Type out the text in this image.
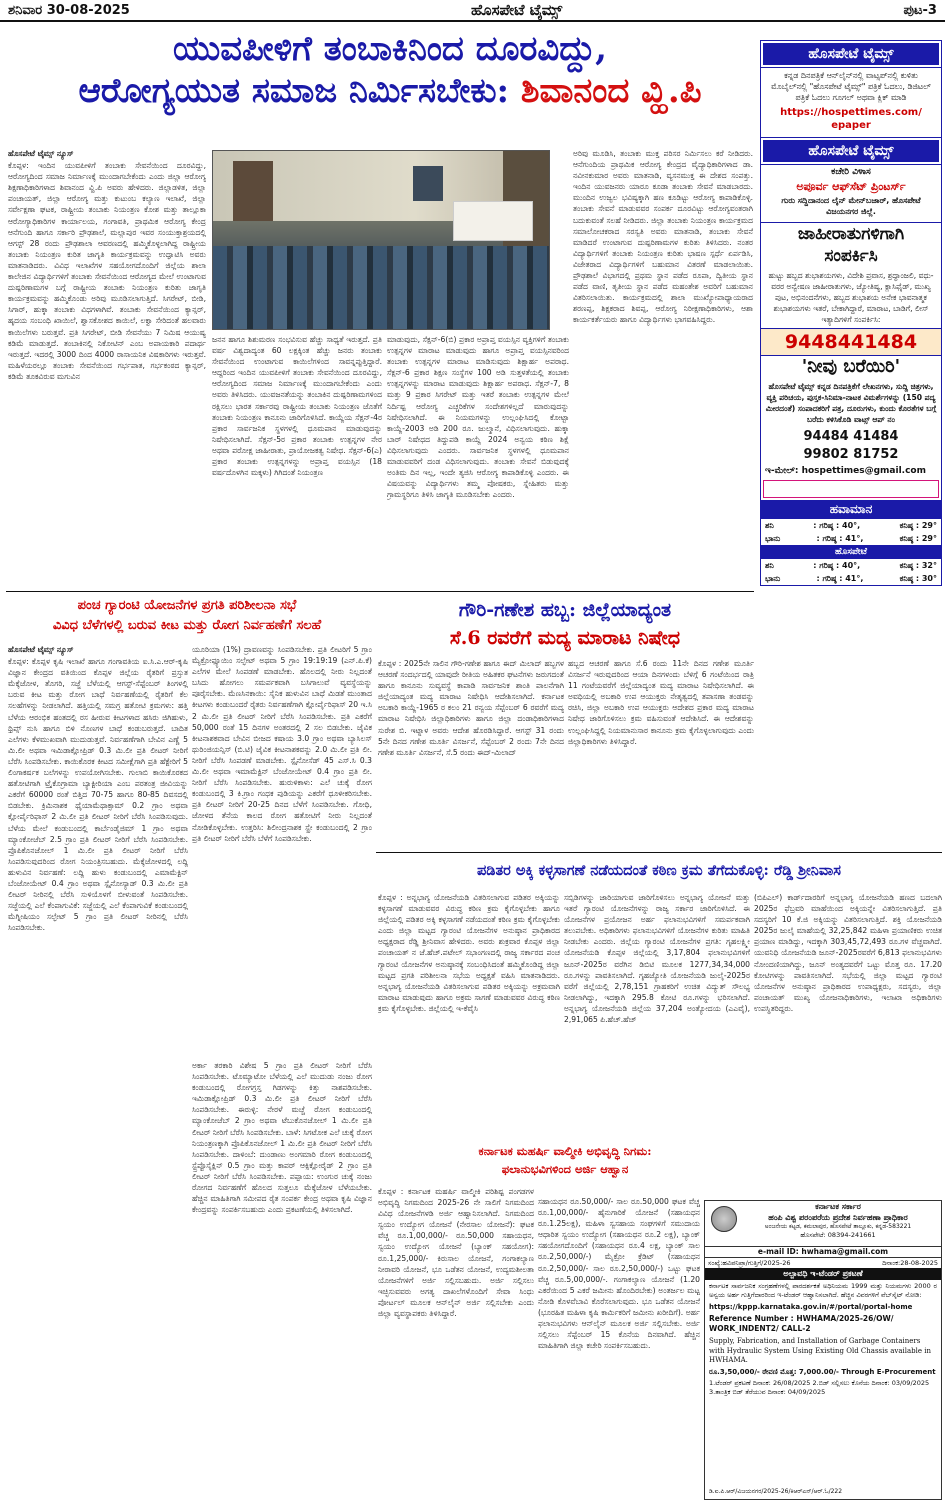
ಶನಿವಾರ 30-08-2025	ಹೊಸಪೇಟೆ ಟೈಮ್ಸ್	ಪುಟ-3
ಯುವಪೀಳಿಗೆ ತಂಬಾಕಿನಿಂದ ದೂರವಿದ್ದು,
ಆರೋಗ್ಯಯುತ ಸಮಾಜ ನಿರ್ಮಿಸಬೇಕು: ಶಿವಾನಂದ ವ್ಹಿ.ಪಿ

ಹೊಸಪೇಟೆ ಟೈಮ್ಸ್ ನ್ಯೂಸ್

ಕೊಪ್ಪಳ: ಇಂದಿನ ಯುವಪೀಳಿಗೆ ತಂಬಾಕು ಸೇವನೆಯಿಂದ ದೂರವಿದ್ದು, ಆರೋಗ್ಯದಿಂದ ಸಮಾಜ ನಿರ್ಮಾಣಕ್ಕೆ ಮುಂದಾಗಬೇಕೆಂದು ಎಂದು ಜಿಲ್ಲಾ ಆರೋಗ್ಯ ಶಿಕ್ಷಣಾಧಿಕಾರಿಗಳಾದ ಶಿವಾನಂದ ವ್ಹಿ.ಪಿ ಅವರು ಹೇಳಿದರು. ಜಿಲ್ಲಾಡಳಿತ, ಜಿಲ್ಲಾ ಪಂಚಾಯತ್, ಜಿಲ್ಲಾ ಆರೋಗ್ಯ ಮತ್ತು ಕುಟುಂಬ ಕಲ್ಯಾಣ ಇಲಾಖೆ, ಜಿಲ್ಲಾ ಸರ್ವೇಕ್ಷಣಾ ಘಟಕ, ರಾಷ್ಟ್ರೀಯ ತಂಬಾಕು ನಿಯಂತ್ರಣ ಕೋಶ ಮತ್ತು ತಾಲ್ಲೂಕಾ ಆರೋಗ್ಯಾಧಿಕಾರಿಗಳ ಕಾರ್ಯಾಲಯ, ಗಂಗಾವತಿ, ಪ್ರಾಥಮಿಕ ಆರೋಗ್ಯ ಕೇಂದ್ರ ಆನೆಗುಂದಿ ಹಾಗೂ ಸರ್ಕಾರಿ ಪ್ರೌಢಶಾಲೆ, ಮಲ್ಲಾಪುರ ಇವರ ಸಂಯುಕ್ತಾಶ್ರಯದಲ್ಲಿ ಆಗಸ್ಟ್ 28 ರಂದು ಪ್ರೌಢಶಾಲಾ ಆವರಣದಲ್ಲಿ ಹಮ್ಮಿಕೊಳ್ಳಲಾಗಿದ್ದ ರಾಷ್ಟ್ರೀಯ ತಂಬಾಕು ನಿಯಂತ್ರಣ ಕುರಿತ ಜಾಗೃತಿ ಕಾರ್ಯಕ್ರಮವನ್ನು ಉದ್ಘಾಟಿಸಿ ಅವರು ಮಾತನಾಡಿದರು. ವಿವಿಧ ಇಲಾಖೆಗಳ ಸಹಯೋಗದೊಂದಿಗೆ ಜಿಲ್ಲೆಯ ಶಾಲಾ ಕಾಲೇಜಿನ ವಿದ್ಯಾರ್ಥಿಗಳಿಗೆ ತಂಬಾಕು ಸೇವನೆಯಿಂದ ಆರೋಗ್ಯದ ಮೇಲೆ ಉಂಟಾಗುವ ದುಷ್ಪರಿಣಾಮಗಳ ಬಗ್ಗೆ ರಾಷ್ಟ್ರೀಯ ತಂಬಾಕು ನಿಯಂತ್ರಣ ಕುರಿತು ಜಾಗೃತಿ ಕಾರ್ಯಕ್ರಮವನ್ನು ಹಮ್ಮಿಕೊಂಡು ಅರಿವು ಮೂಡಿಸಲಾಗುತ್ತಿದೆ. ಸಿಗರೇಟ್, ಬೀಡಿ, ಸಿಗಾರ್, ಹುಕ್ಕಾ ತಂಬಾಕು ವಿಧಗಳಾಗಿವೆ. ತಂಬಾಕು ಸೇವನೆಯಿಂದ ಕ್ಯಾನ್ಸರ್, ಹೃದಯ ಸಂಬಂಧಿ ಖಾಯಿಲೆ, ಶ್ವಾಸಕೋಶದ ಕಾಯಿಲೆ, ಲಕ್ವಾ ಸೇರಿದಂತೆ ಹಲವಾರು ಕಾಯಿಲೆಗಳು ಬರುತ್ತವೆ. ಪ್ರತಿ ಸಿಗರೇಟ್, ಬೀಡಿ ಸೇವನೆಯು 7 ನಿಮಿಷ ಆಯುಷ್ಯ ಕಡಿಮೆ ಮಾಡುತ್ತದೆ. ತಂಬಾಕಿನಲ್ಲಿ ನಿಕೋಟಿನ್ ಎಂಬ ಅಪಾಯಕಾರಿ ಪದಾರ್ಥ ಇರುತ್ತದೆ. ಇದರಲ್ಲಿ 3000 ದಿಂದ 4000 ರಾಸಾಯನಿಕ ವಿಷಕಾರಿಗಳು ಇರುತ್ತವೆ. ಮಹಿಳೆಯರಲ್ಲೂ ತಂಬಾಕು ಸೇವನೆಯಿಂದ ಗರ್ಭಪಾತ, ಗರ್ಭಕಂಠದ ಕ್ಯಾನ್ಸರ್, ಕಡಿಮೆ ತೂಕವಿರುವ ಮಗುವಿನ

ಜನನ ಹಾಗೂ ಶಿಶುಮರಣ ಸಂಭವಿಸುವ ಹೆಚ್ಚು ಸಾಧ್ಯತೆ ಇರುತ್ತದೆ. ಪ್ರತಿ ವರ್ಷ ವಿಶ್ವದಾದ್ಯಂತ 60 ಲಕ್ಷಕ್ಕಿಂತ ಹೆಚ್ಚು ಜನರು ತಂಬಾಕು ಸೇವನೆಯಿಂದ ಉಂಟಾಗುವ ಕಾಯಿಲೆಗಳಿಂದ ಸಾವನ್ನಪ್ಪುತ್ತಿದ್ದಾರೆ. ಆದ್ದರಿಂದ ಇಂದಿನ ಯುವಪೀಳಿಗೆ ತಂಬಾಕು ಸೇವನೆಯಿಂದ ದೂರವಿದ್ದು, ಆರೋಗ್ಯದಿಂದ ಸಮಾಜ ನಿರ್ಮಾಣಕ್ಕೆ ಮುಂದಾಗಬೇಕೆಂದು ಎಂದು ಅವರು ತಿಳಿಸಿದರು. ಯುವಜನತೆಯನ್ನು ತಂಬಾಕಿನ ದುಷ್ಪರಿಣಾಮಗಳಿಂದ ರಕ್ಷಿಸಲು ಭಾರತ ಸರ್ಕಾರವು ರಾಷ್ಟ್ರೀಯ ತಂಬಾಕು ನಿಯಂತ್ರಣ ಜೊತೆಗೆ ತಂಬಾಕು ನಿಯಂತ್ರಣ ಕಾನೂನು ಜಾರಿಗೊಳಿಸಿದೆ. ಕಾಯ್ದೆಯ ಸೆಕ್ಷನ್-4ರ ಪ್ರಕಾರ ಸಾರ್ವಜನಿಕ ಸ್ಥಳಗಳಲ್ಲಿ ಧೂಮಪಾನ ಮಾಡುವುದನ್ನು ನಿಷೇಧಿಸಲಾಗಿದೆ. ಸೆಕ್ಷನ್-5ರ ಪ್ರಕಾರ ತಂಬಾಕು ಉತ್ಪನ್ನಗಳ ನೇರ ಅಥವಾ ಪರೋಕ್ಷ ಜಾಹೀರಾತು, ಪ್ರಾಯೋಜಕತ್ವ ನಿಷೇಧ. ಸೆಕ್ಷನ್-6(ಎ) ಪ್ರಕಾರ ತಂಬಾಕು ಉತ್ಪನ್ನಗಳನ್ನು ಅಪ್ರಾಪ್ತ ವಯಸ್ಸಿನ (18 ವರ್ಷದೊಳಗಿನ ಮಕ್ಕಳು) ಗಿಗಿದಂತೆ ನಿಯಂತ್ರಣ

ಮಾಡುವುದು, ಸೆಕ್ಷನ್-6(ಬಿ) ಪ್ರಕಾರ ಅಪ್ರಾಪ್ತ ವಯಸ್ಸಿನ ವ್ಯಕ್ತಿಗಳಿಗೆ ತಂಬಾಕು ಉತ್ಪನ್ನಗಳ ಮಾರಾಟ ಮಾಡುವುದು ಹಾಗೂ ಅಪ್ರಾಪ್ತ ವಯಸ್ಸಿನವರಿಂದ ತಂಬಾಕು ಉತ್ಪನ್ನಗಳ ಮಾರಾಟ ಮಾಡಿಸುವುದು ಶಿಕ್ಷಾರ್ಹ ಅಪರಾಧ. ಸೆಕ್ಷನ್-6 ಪ್ರಕಾರ ಶಿಕ್ಷಣ ಸಂಸ್ಥೆಗಳ 100 ಅಡಿ ಸುತ್ತಳತೆಯಲ್ಲಿ ತಂಬಾಕು ಉತ್ಪನ್ನಗಳನ್ನು ಮಾರಾಟ ಮಾಡುವುದು ಶಿಕ್ಷಾರ್ಹ ಅಪರಾಧ. ಸೆಕ್ಷನ್-7, 8 ಮತ್ತು 9 ಪ್ರಕಾರ ಸಿಗರೇಟ್ ಮತ್ತು ಇತರೆ ತಂಬಾಕು ಉತ್ಪನ್ನಗಳ ಮೇಲೆ ನಿರ್ದಿಷ್ಟ ಆರೋಗ್ಯ ಎಚ್ಚರಿಕೆಗಳ ಸಂದೇಶಗಳಿಲ್ಲದೆ ಮಾರುವುದನ್ನು ನಿಷೇಧಿಸಲಾಗಿದೆ. ಈ ನಿಯಮಗಳನ್ನು ಉಲ್ಲಂಘಿಸಿದಲ್ಲಿ ಕೋಟ್ಟಾ ಕಾಯ್ದೆ-2003 ಅಡಿ 200 ರೂ. ಜುಲ್ಮಾನೆ, ವಿಧಿಸಲಾಗುವುದು. ಹುಕ್ಕಾ ಬಾರ್ ನಿಷೇಧದ ತಿದ್ದುಪಡಿ ಕಾಯ್ದೆ 2024 ಅನ್ವಯ ಕಠಿಣ ಶಿಕ್ಷೆ ವಿಧಿಸಲಾಗುವುದು ಎಂದರು. ಸಾರ್ವಜನಿಕ ಸ್ಥಳಗಳಲ್ಲಿ ಧೂಮಪಾನ ಮಾಡುವವರಿಗೆ ದಂಡ ವಿಧಿಸಲಾಗುವುದು. ತಂಬಾಕು ಸೇವನೆ ಬಿಡುವುದಕ್ಕೆ ಅಂತಿಮ ದಿನ ಇಲ್ಲ, ಇಂದೇ ತ್ಯಜಿಸಿ ಆರೋಗ್ಯ ಕಾಪಾಡಿಕೊಳ್ಳಿ ಎಂದರು. ಈ ವಿಷಯವನ್ನು ವಿದ್ಯಾರ್ಥಿಗಳು ತಮ್ಮ ಪೋಷಕರು, ಸ್ನೇಹಿತರು ಮತ್ತು ಗ್ರಾಮಸ್ಥರಿಗೂ ತಿಳಿಸಿ ಜಾಗೃತಿ ಮೂಡಿಸಬೇಕು ಎಂದರು.

ಅರಿವು ಮೂಡಿಸಿ, ತಂಬಾಕು ಮುಕ್ತ ಪರಿಸರ ನಿರ್ಮಿಸಲು ಕರೆ ನೀಡಿದರು. ಆನೆಗುಂದಿಯ ಪ್ರಾಥಮಿಕ ಆರೋಗ್ಯ ಕೇಂದ್ರದ ವೈದ್ಯಾಧಿಕಾರಿಗಳಾದ ಡಾ. ನವೀನಕುಮಾರ ಅವರು ಮಾತನಾಡಿ, ವ್ಯಸನಮುಕ್ತ ಈ ದೇಶದ ಸಂಪತ್ತು. ಇಂದಿನ ಯುವಜನರು ಯಾರೂ ಕೂಡಾ ತಂಬಾಕು ಸೇವನೆ ಮಾಡಬಾರದು. ಮುಂದಿನ ಉಜ್ವಲ ಭವಿಷ್ಯಕ್ಕಾಗಿ ಹಣ ಕೂಡಿಟ್ಟು ಆರೋಗ್ಯ ಕಾಪಾಡಿಕೊಳ್ಳಿ. ತಂಬಾಕು ಸೇವನೆ ಮಾಡುವವರ ಸಂಪರ್ಕ ದೂರವಿಟ್ಟು ಆರೋಗ್ಯವಂತರಾಗಿ ಬದುಕುವಂತೆ ಸಲಹೆ ನೀಡಿದರು. ಜಿಲ್ಲಾ ತಂಬಾಕು ನಿಯಂತ್ರಣ ಕಾರ್ಯಕ್ರಮದ ಸಮಾಲೋಚಕರಾದ ಸರಸ್ವತಿ ಅವರು ಮಾತನಾಡಿ, ತಂಬಾಕು ಸೇವನೆ ಮಾಡಿದರೆ ಉಂಟಾಗುವ ದುಷ್ಪರಿಣಾಮಗಳ ಕುರಿತು ತಿಳಿಸಿದರು. ನಂತರ ವಿದ್ಯಾರ್ಥಿಗಳಿಗೆ ತಂಬಾಕು ನಿಯಂತ್ರಣ ಕುರಿತು ಭಾಷಣ ಸ್ಪರ್ಧೆ ಏರ್ಪಡಿಸಿ, ವಿಜೇತರಾದ ವಿದ್ಯಾರ್ಥಿಗಳಿಗೆ ಬಹುಮಾನ ವಿತರಣೆ ಮಾಡಲಾಯಿತು. ಪ್ರೌಢಶಾಲೆ ವಿಭಾಗದಲ್ಲಿ ಪ್ರಥಮ ಸ್ಥಾನ ಪಡೆದ ರೂಪಾ, ದ್ವಿತೀಯ ಸ್ಥಾನ ಪಡೆದ ವಾಣಿ, ತೃತೀಯ ಸ್ಥಾನ ಪಡೆದ ಮಹಂತೇಶ ಅವರಿಗೆ ಬಹುಮಾನ ವಿತರಿಸಲಾಯಿತು. ಕಾರ್ಯಕ್ರಮದಲ್ಲಿ ಶಾಲಾ ಮುಖ್ಯೋಪಾಧ್ಯಾಯರಾದ ಶರಣಪ್ಪ, ಶಿಕ್ಷಕರಾದ ಶಿವಪ್ಪ, ಆರೋಗ್ಯ ನಿರೀಕ್ಷಣಾಧಿಕಾರಿಗಳು, ಆಶಾ ಕಾರ್ಯಕರ್ತೆಯರು ಹಾಗೂ ವಿದ್ಯಾರ್ಥಿಗಳು ಭಾಗವಹಿಸಿದ್ದರು.

ಪಂಚ ಗ್ಯಾರಂಟಿ ಯೋಜನೆಗಳ ಪ್ರಗತಿ ಪರಿಶೀಲನಾ ಸಭೆ
ವಿವಿಧ ಬೆಳೆಗಳಲ್ಲಿ ಬರುವ ಕೀಟ ಮತ್ತು ರೋಗ ನಿರ್ವಹಣೆಗೆ ಸಲಹೆ

ಹೊಸಪೇಟೆ ಟೈಮ್ಸ್ ನ್ಯೂಸ್

ಕೊಪ್ಪಳ: ಕೊಪ್ಪಳ ಕೃಷಿ ಇಲಾಖೆ ಹಾಗೂ ಗಂಗಾವತಿಯ ಐ.ಸಿ.ಎ.ಆರ್-ಕೃಷಿ ವಿಜ್ಞಾನ ಕೇಂದ್ರದ ವತಿಯಿಂದ ಕೊಪ್ಪಳ ಜಿಲ್ಲೆಯ ರೈತರಿಗೆ ಪ್ರಸ್ತುತ ಮೆಕ್ಕೆಜೋಳ, ತೊಗರಿ, ಸಜ್ಜೆ ಬೆಳೆಯಲ್ಲಿ ಆಗಸ್ಟ್-ಸೆಪ್ಟೆಂಬರ್ ತಿಂಗಳಲ್ಲಿ ಬರುವ ಕೀಟ ಮತ್ತು ರೋಗ ಬಾಧೆ ನಿರ್ವಹಣೆಯಲ್ಲಿ ರೈತರಿಗೆ ಕೆಲ ಸಲಹೆಗಳನ್ನು ನೀಡಲಾಗಿದೆ. ಹತ್ತಿಯಲ್ಲಿ ಸಮಗ್ರ ಹತೋಟಿ ಕ್ರಮಗಳು: ಹತ್ತಿ ಬೆಳೆಯ ಆರಂಭಿಕ ಹಂತದಲ್ಲಿ ರಸ ಹೀರುವ ಕೀಟಗಳಾದ ಹಸಿರು ಜಿಗಿಹುಳು, ಥ್ರಿಪ್ಸ್ ನುಸಿ ಹಾಗೂ ಬಿಳಿ ನೊಣಗಳ ಬಾಧೆ ಕಂಡುಬರುತ್ತದೆ. ಬಾದಿತ ಎಲೆಗಳು ಕೆಳಮುಖವಾಗಿ ಮುದುಡುತ್ತವೆ. ನಿರ್ವಹಣೆಗಾಗಿ ಬೇವಿನ ಎಣ್ಣೆ 5 ಮಿ.ಲೀ ಅಥವಾ ಇಮಿಡಾಕ್ಲೋಪ್ರಿಡ್ 0.3 ಮಿ.ಲೀ ಪ್ರತಿ ಲೀಟರ್ ನೀರಿಗೆ ಬೆರೆಸಿ ಸಿಂಪಡಿಸಬೇಕು. ಕಾಯಿಕೊರಕ ಕೀಟದ ಸಮೀಕ್ಷೆಗಾಗಿ ಪ್ರತಿ ಹೆಕ್ಟೇರಿಗೆ 5 ಲಿಂಗಾಕರ್ಷಕ ಬಲೆಗಳನ್ನು ಉಪಯೋಗಿಸಬೇಕು. ಗುಲಾಬಿ ಕಾಯಿಕೊರಕದ ಹತೋಟಿಗಾಗಿ ಟ್ರೈಕೊಗ್ರಾಮಾ ಬ್ಯಾಕ್ಟೀರಿಯಾ ಎಂಬ ಪರತಂತ್ರ ಜೀವಿಯನ್ನು ಎಕರೆಗೆ 60000 ರಂತೆ ಬಿತ್ತಿದ 70-75 ಹಾಗೂ 80-85 ದಿವಸದಲ್ಲಿ ಬಿಡಬೇಕು. ಕ್ರಿಮಿನಾಶಕ ಥೈಯಾಮೆಥಾಕ್ಸಾಮ್ 0.2 ಗ್ರಾಂ ಅಥವಾ ಕ್ಲೋರ್ಪೈರಿಫಾಸ್ 2 ಮಿ.ಲೀ ಪ್ರತಿ ಲೀಟರ್ ನೀರಿಗೆ ಬೆರೆಸಿ ಸಿಂಪಡಿಸುವುದು. ಬೆಳೆಯ ಮೇಲೆ ಕಂಡುಬಂದಲ್ಲಿ ಕಾರ್ಬೆಂಡೈಜಿಮ್ 1 ಗ್ರಾಂ ಅಥವಾ ಮ್ಯಾಂಕೋಜೆಬ್ 2.5 ಗ್ರಾಂ ಪ್ರತಿ ಲೀಟರ್ ನೀರಿಗೆ ಬೆರೆಸಿ ಸಿಂಪಡಿಸಬೇಕು. ಪ್ರೊಪಿಕೊನಜೋಲ್ 1 ಮಿ.ಲೀ ಪ್ರತಿ ಲೀಟರ್ ನೀರಿಗೆ ಬೆರೆಸಿ ಸಿಂಪಡಿಸುವುದರಿಂದ ರೋಗ ನಿಯಂತ್ರಿಸಬಹುದು. ಮೆಕ್ಕೆಜೋಳದಲ್ಲಿ ಲದ್ದಿ ಹುಳುವಿನ ನಿರ್ವಹಣೆ: ಲದ್ದಿ ಹುಳು ಕಂಡುಬಂದಲ್ಲಿ ಎಮಾಮೆಕ್ಟಿನ್ ಬೆಂಜೋಯೇಟ್ 0.4 ಗ್ರಾಂ ಅಥವಾ ಸ್ಪೈನೋಸ್ಯಾಡ್ 0.3 ಮಿ.ಲೀ ಪ್ರತಿ ಲೀಟರ್ ನೀರಿನಲ್ಲಿ ಬೆರೆಸಿ ಸುಳಿಯೊಳಗೆ ಬೀಳುವಂತೆ ಸಿಂಪಡಿಸಬೇಕು. ಸಜ್ಜೆಯಲ್ಲಿ ಎಲೆ ಕೆಂಪಾಗುವಿಕೆ: ಸಜ್ಜೆಯಲ್ಲಿ ಎಲೆ ಕೆಂಪಾಗುವಿಕೆ ಕಂಡುಬಂದಲ್ಲಿ ಮೆಗ್ನೀಷಿಯಂ ಸಲ್ಫೇಟ್ 5 ಗ್ರಾಂ ಪ್ರತಿ ಲೀಟರ್ ನೀರಿನಲ್ಲಿ ಬೆರೆಸಿ ಸಿಂಪಡಿಸಬೇಕು.

ಯೂರಿಯಾ (1%) ದ್ರಾವಣವನ್ನು ಸಿಂಪಡಿಸಬೇಕು. ಪ್ರತಿ ಲೀಟರಿಗೆ 5 ಗ್ರಾಂ ಮ್ಯೆಕ್ರೋಫ್ಯೂಯಿಂ ಸಲ್ಫೇಟ್ ಅಥವಾ 5 ಗ್ರಾಂ 19:19:19 (ಎನ್.ಪಿ.ಕೆ) ಎಲೆಗಳ ಮೇಲೆ ಸಿಂಪಡಣೆ ಮಾಡಬೇಕು. ಹೊಲದಲ್ಲಿ ನೀರು ನಿಲ್ಲದಂತೆ ಬಸಿದು ಹೋಗಲು ಸಮರ್ಪಕವಾಗಿ ಬಸಿಗಾಲುವೆ ವ್ಯವಸ್ಥೆಯನ್ನು ಪೂರೈಸಬೇಕು. ಮೆಣಸಿನಕಾಯಿ: ಸೈನಿಕ ಹುಳುವಿನ ಬಾಧೆ ಮಿಡತೆ ಮುಂತಾದ ಕೀಟಗಳು ಕಂಡುಬಂದರೆ ರೈತರು ನಿರ್ವಹಣೆಗಾಗಿ ಕ್ಲೋರ್ಪೈರಿಫಾಸ್ 20 ಇ.ಸಿ 2 ಮಿ.ಲೀ ಪ್ರತಿ ಲೀಟರ್ ನೀರಿಗೆ ಬೆರೆಸಿ ಸಿಂಪಡಿಸಬೇಕು. ಪ್ರತಿ ಎಕರೆಗೆ 50,000 ರಂತೆ 15 ದಿನಗಳ ಅಂತರದಲ್ಲಿ 2 ಸಲ ಬಿಡಬೇಕು. ಜೈವಿಕ ಕೀಟನಾಶಕವಾದ ಬೇವಿನ ಬೀಜದ ಕಷಾಯ 3.0 ಗ್ರಾಂ ಅಥವಾ ಬ್ಯಾಸಿಲಸ್ ಥುರಿಂಜಿಯನ್ಸಿಸ್ (ಬಿ.ಟಿ) ಜೈವಿಕ ಕೀಟನಾಶಕವನ್ನು 2.0 ಮಿ.ಲೀ ಪ್ರತಿ ಲೀ. ನೀರಿಗೆ ಬೆರೆಸಿ ಸಿಂಪಡಣೆ ಮಾಡಬೇಕು. ಸ್ಪೈನೋಸೆಡ್ 45 ಎಸ್.ಸಿ 0.3 ಮಿ.ಲೀ ಅಥವಾ ಇಮಾಮೆಕ್ಟಿನ್ ಬೆಂಜೋಯೇಟ್ 0.4 ಗ್ರಾಂ ಪ್ರತಿ ಲೀ. ನೀರಿಗೆ ಬೆರೆಸಿ ಸಿಂಪಡಿಸಬೇಕು. ಹುರುಳಿಕಾಳು: ಎಲೆ ಚುಕ್ಕೆ ರೋಗ ಕಂಡುಬಂದಲ್ಲಿ 3 ಕಿ.ಗ್ರಾಂ ಗಂಧಕ ಪುಡಿಯನ್ನು ಎಕರೆಗೆ ಧೂಳೀಕರಿಸಬೇಕು. ಪ್ರತಿ ಲೀಟರ್ ನೀರಿಗೆ 20-25 ದಿನದ ಬೆಳೆಗೆ ಸಿಂಪಡಿಸಬೇಕು. ಗೋಧಿ, ಜೋಳದ ತೆನೆಯ ಕಾಲದ ರೋಗ ಹತೋಟಿಗೆ ನೀರು ನಿಲ್ಲದಂತೆ ನೋಡಿಕೊಳ್ಳಬೇಕು. ಉತ್ತರಿಸಿ: ಶಿಲೀಂದ್ರನಾಶಕ ಸ್ಪ್ರೇ ಕಂಡುಬಂದಲ್ಲಿ 2 ಗ್ರಾಂ ಪ್ರತಿ ಲೀಟರ್ ನೀರಿಗೆ ಬೆರೆಸಿ ಬೆಳೆಗೆ ಸಿಂಪಡಿಸಬೇಕು.

ಅರ್ಕಾ ತರಕಾರಿ ವಿಶೇಷ 5 ಗ್ರಾಂ ಪ್ರತಿ ಲೀಟರ್ ನೀರಿಗೆ ಬೆರೆಸಿ ಸಿಂಪಡಿಸಬೇಕು. ಟೊಮ್ಯಾಟೋ ಬೆಳೆಯಲ್ಲಿ ಎಲೆ ಮುದುಡು ನಂಜು ರೋಗ ಕಂಡುಬಂದಲ್ಲಿ ರೋಗಗ್ರಸ್ತ ಗಿಡಗಳನ್ನು ಕಿತ್ತು ನಾಶಪಡಿಸಬೇಕು. ಇಮಿಡಾಕ್ಲೋಪ್ರಿಡ್ 0.3 ಮಿ.ಲೀ ಪ್ರತಿ ಲೀಟರ್ ನೀರಿಗೆ ಬೆರೆಸಿ ಸಿಂಪಡಿಸಬೇಕು. ಈರುಳ್ಳಿ: ನೇರಳೆ ಮಚ್ಚೆ ರೋಗ ಕಂಡುಬಂದಲ್ಲಿ ಮ್ಯಾಂಕೋಜೆಬ್ 2 ಗ್ರಾಂ ಅಥವಾ ಟೆಬುಕೊನಜೋಲ್ 1 ಮಿ.ಲೀ ಪ್ರತಿ ಲೀಟರ್ ನೀರಿಗೆ ಬೆರೆಸಿ ಸಿಂಪಡಿಸಬೇಕು. ಬಾಳೆ: ಸಿಗಟೋಕ ಎಲೆ ಚುಕ್ಕೆ ರೋಗ ನಿಯಂತ್ರಣಕ್ಕಾಗಿ ಪ್ರೊಪಿಕೊನಜೋಲ್ 1 ಮಿ.ಲೀ ಪ್ರತಿ ಲೀಟರ್ ನೀರಿಗೆ ಬೆರೆಸಿ ಸಿಂಪಡಿಸಬೇಕು. ದಾಳಿಂಬೆ: ದುಂಡಾಣು ಅಂಗಮಾರಿ ರೋಗ ಕಂಡುಬಂದಲ್ಲಿ ಸ್ಟ್ರೆಪ್ಟೊಸೈಕ್ಲಿನ್ 0.5 ಗ್ರಾಂ ಮತ್ತು ಕಾಪರ್ ಆಕ್ಸಿಕ್ಲೋರೈಡ್ 2 ಗ್ರಾಂ ಪ್ರತಿ ಲೀಟರ್ ನೀರಿಗೆ ಬೆರೆಸಿ ಸಿಂಪಡಿಸಬೇಕು. ಪಪ್ಪಾಯ: ಉಂಗುರ ಚುಕ್ಕೆ ನಂಜು ರೋಗದ ನಿರ್ವಹಣೆಗೆ ಹೊಲದ ಸುತ್ತಲೂ ಮೆಕ್ಕೆಜೋಳ ಬೆಳೆಯಬೇಕು. ಹೆಚ್ಚಿನ ಮಾಹಿತಿಗಾಗಿ ಸಮೀಪದ ರೈತ ಸಂಪರ್ಕ ಕೇಂದ್ರ ಅಥವಾ ಕೃಷಿ ವಿಜ್ಞಾನ ಕೇಂದ್ರವನ್ನು ಸಂಪರ್ಕಿಸಬಹುದು ಎಂದು ಪ್ರಕಟಣೆಯಲ್ಲಿ ತಿಳಿಸಲಾಗಿದೆ.

ಗೌರಿ-ಗಣೇಶ ಹಬ್ಬ: ಜಿಲ್ಲೆಯಾದ್ಯಂತ
ಸೆ.6 ರವರೆಗೆ ಮದ್ಯ ಮಾರಾಟ ನಿಷೇಧ

ಕೊಪ್ಪಳ : 2025ನೇ ಸಾಲಿನ ಗೌರಿ-ಗಣೇಶ ಹಾಗೂ ಈದ್ ಮಿಲಾದ್ ಹಬ್ಬಗಳ ಆಚರಣೆ ಸಂದರ್ಭದಲ್ಲಿ ಯಾವುದೇ ರೀತಿಯ ಅಹಿತಕರ ಘಟನೆಗಳು ಜರುಗದಂತೆ ಹಾಗೂ ಕಾನೂನು ಸುವ್ಯವಸ್ಥೆ ಕಾಪಾಡಿ ಸಾರ್ವಜನಿಕ ಶಾಂತಿ ಪಾಲನೆಗಾಗಿ ಜಿಲ್ಲೆಯಾದ್ಯಂತ ಮದ್ಯ ಮಾರಾಟ ನಿಷೇಧಿಸಿ ಆದೇಶಿಸಲಾಗಿದೆ. ಕರ್ನಾಟಕ ಅಬಕಾರಿ ಕಾಯ್ದೆ-1965 ರ ಕಲಂ 21 ರನ್ವಯ ಸೆಪ್ಟೆಂಬರ್ 6 ರವರೆಗೆ ಮದ್ಯ ಮಾರಾಟ ನಿಷೇಧಿಸಿ ಜಿಲ್ಲಾಧಿಕಾರಿಗಳು ಹಾಗೂ ಜಿಲ್ಲಾ ದಂಡಾಧಿಕಾರಿಗಳಾದ ಸುರೇಶ ಬಿ. ಇಟ್ನಾಳ ಅವರು ಆದೇಶ ಹೊರಡಿಸಿದ್ದಾರೆ. ಆಗಸ್ಟ್ 31 ರಂದು 5ನೇ ದಿನದ ಗಣೇಶ ಮೂರ್ತಿ ವಿಸರ್ಜನೆ, ಸೆಪ್ಟೆಂಬರ್ 2 ರಂದು 7ನೇ ದಿನದ ಗಣೇಶ ಮೂರ್ತಿ ವಿಸರ್ಜನೆ, ಸೆ.5 ರಂದು ಈದ್-ಮಿಲಾದ್

ಹಬ್ಬದ ಆಚರಣೆ ಹಾಗೂ ಸೆ.6 ರಂದು 11ನೇ ದಿನದ ಗಣೇಶ ಮೂರ್ತಿ ವಿಸರ್ಜನೆ ಇರುವುದರಿಂದ ಆಯಾ ದಿನಗಳಂದು ಬೆಳಿಗ್ಗೆ 6 ಗಂಟೆಯಿಂದ ರಾತ್ರಿ 11 ಗಂಟೆಯವರೆಗೆ ಜಿಲ್ಲೆಯಾದ್ಯಂತ ಮದ್ಯ ಮಾರಾಟ ನಿಷೇಧಿಸಲಾಗಿದೆ. ಈ ಅವಧಿಯಲ್ಲಿ ಅಬಕಾರಿ ಉಪ ಆಯುಕ್ತರು ನೇತೃತ್ವದಲ್ಲಿ ತಪಾಸಣಾ ತಂಡವನ್ನು ರಚಿಸಿ, ಜಿಲ್ಲಾ ಅಬಕಾರಿ ಉಪ ಆಯುಕ್ತರು ಆದೇಶದ ಪ್ರಕಾರ ಮದ್ಯ ಮಾರಾಟ ನಿಷೇಧ ಜಾರಿಗೊಳಿಸಲು ಕ್ರಮ ವಹಿಸುವಂತೆ ಆದೇಶಿಸಿದೆ. ಈ ಆದೇಶವನ್ನು ಉಲ್ಲಂಘಿಸಿದ್ದಲ್ಲಿ ನಿಯಮಾನುಸಾರ ಕಾನೂನು ಕ್ರಮ ಕೈಗೊಳ್ಳಲಾಗುವುದು ಎಂದು ಜಿಲ್ಲಾಧಿಕಾರಿಗಳು ತಿಳಿಸಿದ್ದಾರೆ.

ಪಡಿತರ ಅಕ್ಕಿ ಕಳ್ಳಸಾಗಣೆ ನಡೆಯದಂತೆ ಕಠಿಣ ಕ್ರಮ ತೆಗೆದುಕೊಳ್ಳಿ: ರೆಡ್ಡಿ ಶ್ರೀನಿವಾಸ

ಕೊಪ್ಪಳ : ಅನ್ನಭಾಗ್ಯ ಯೋಜನೆಯಡಿ ವಿತರಿಸಲಾಗುವ ಪಡಿತರ ಅಕ್ಕಿಯನ್ನು ಕಳ್ಳಸಾಗಣೆ ಮಾಡುವವರ ವಿರುದ್ಧ ಕಠಿಣ ಕ್ರಮ ಕೈಗೊಳ್ಳಬೇಕು ಹಾಗೂ ಜಿಲ್ಲೆಯಲ್ಲಿ ಪಡಿತರ ಅಕ್ಕಿ ಕಳ್ಳಸಾಗಣೆ ನಡೆಯದಂತೆ ಕಠಿಣ ಕ್ರಮ ಕೈಗೊಳ್ಳಬೇಕು ಎಂದು ಜಿಲ್ಲಾ ಮಟ್ಟದ ಗ್ಯಾರಂಟಿ ಯೋಜನೆಗಳ ಅನುಷ್ಠಾನ ಪ್ರಾಧಿಕಾರದ ಅಧ್ಯಕ್ಷರಾದ ರೆಡ್ಡಿ ಶ್ರೀನಿವಾಸ ಹೇಳಿದರು. ಅವರು ಶುಕ್ರವಾರ ಕೊಪ್ಪಳ ಜಿಲ್ಲಾ ಪಂಚಾಯತ್ ನ ಜೆ.ಹೆಚ್.ಪಟೇಲ್ ಸಭಾಂಗಣದಲ್ಲಿ ರಾಜ್ಯ ಸರ್ಕಾರದ ಪಂಚ ಗ್ಯಾರಂಟಿ ಯೋಜನೆಗಳ ಅನುಷ್ಠಾನಕ್ಕೆ ಸಂಬಂಧಿಸಿದಂತೆ ಹಮ್ಮಿಕೊಂಡಿದ್ದ ಜಿಲ್ಲಾ ಮಟ್ಟದ ಪ್ರಗತಿ ಪರಿಶೀಲನಾ ಸಭೆಯ ಅಧ್ಯಕ್ಷತೆ ವಹಿಸಿ ಮಾತನಾಡಿದರು. ಅನ್ನಭಾಗ್ಯ ಯೋಜನೆಯಡಿ ವಿತರಿಸಲಾಗುವ ಪಡಿತರ ಅಕ್ಕಿಯನ್ನು ಅಕ್ರಮವಾಗಿ ಮಾರಾಟ ಮಾಡುವುದು ಹಾಗೂ ಅಕ್ರಮ ಸಾಗಣೆ ಮಾಡುವವರ ವಿರುದ್ಧ ಕಠಿಣ ಕ್ರಮ ಕೈಗೊಳ್ಳಬೇಕು. ಜಿಲ್ಲೆಯಲ್ಲಿ ಇ-ಕೆವೈಸಿ

ಸಬ್ಸಿಡಿಗಳನ್ನು ಜಾರಿಯಾಗುವ ಜಾರಿಗೊಳಿಸಲು ಅನ್ನಭಾಗ್ಯ ಯೋಜನೆ ಮತ್ತು ಇತರೆ ಗ್ಯಾರಂಟಿ ಯೋಜನೆಗಳನ್ನು ರಾಜ್ಯ ಸರ್ಕಾರ ಜಾರಿಗೊಳಿಸಿದೆ. ಈ ಯೋಜನೆಗಳ ಪ್ರಯೋಜನ ಅರ್ಹ ಫಲಾನುಭವಿಗಳಿಗೆ ಸಮರ್ಪಕವಾಗಿ ತಲುಪಬೇಕು. ಅಧಿಕಾರಿಗಳು ಫಲಾನುಭವಿಗಳಿಗೆ ಯೋಜನೆಗಳ ಕುರಿತು ಮಾಹಿತಿ ನೀಡಬೇಕು ಎಂದರು. ಜಿಲ್ಲೆಯ ಗ್ಯಾರಂಟಿ ಯೋಜನೆಗಳ ಪ್ರಗತಿ: ಗೃಹಲಕ್ಷ್ಮೀ ಯೋಜನೆಯಡಿ ಕೊಪ್ಪಳ ಜಿಲ್ಲೆಯಲ್ಲಿ 3,17,804 ಫಲಾನುಭವಿಗಳಿಗೆ ಜೂನ್-2025ರ ವರೆಗಿನ ಡಿಬಿಟಿ ಮೂಲಕ 1277,34,34,000 ರೂ.ಗಳನ್ನು ಪಾವತಿಸಲಾಗಿದೆ. ಗೃಹಜ್ಯೋತಿ ಯೋಜನೆಯಡಿ ಜುಲೈ-2025ರ ವರೆಗೆ ಜಿಲ್ಲೆಯಲ್ಲಿ 2,78,151 ಗ್ರಾಹಕರಿಗೆ ಉಚಿತ ವಿದ್ಯುತ್ ಸೌಲಭ್ಯ ನೀಡಲಾಗಿದ್ದು, ಇದಕ್ಕಾಗಿ 295.8 ಕೋಟಿ ರೂ.ಗಳನ್ನು ಭರಿಸಲಾಗಿದೆ. ಅನ್ನಭಾಗ್ಯ ಯೋಜನೆಯಡಿ ಜಿಲ್ಲೆಯ 37,204 ಅಂತ್ಯೋದಯ (ಎಎವೈ), 2,91,065 ಪಿ.ಹೆಚ್.ಹೆಚ್

(ಬಿಪಿಎಲ್) ಕಾರ್ಡ್‌ದಾರರಿಗೆ ಅನ್ನಭಾಗ್ಯ ಯೋಜನೆಯಡಿ ಹಣದ ಬದಲಾಗಿ 2025ರ ಫೆಬ್ರವರಿ ಮಾಹೆಯಿಂದ ಅಕ್ಕಿಯನ್ನೇ ವಿತರಿಸಲಾಗುತ್ತಿದೆ. ಪ್ರತಿ ಸದಸ್ಯರಿಗೆ 10 ಕೆ.ಜಿ ಅಕ್ಕಿಯನ್ನು ವಿತರಿಸಲಾಗುತ್ತಿದೆ. ಶಕ್ತಿ ಯೋಜನೆಯಡಿ 2025ರ ಜುಲೈ ಮಾಹೆಯಲ್ಲಿ 32,25,842 ಮಹಿಳಾ ಪ್ರಯಾಣಿಕರು ಉಚಿತ ಪ್ರಯಾಣ ಮಾಡಿದ್ದು, ಇದಕ್ಕಾಗಿ 303,45,72,493 ರೂ.ಗಳ ವೆಚ್ಚವಾಗಿದೆ. ಯುವನಿಧಿ ಯೋಜನೆಯಡಿ ಜೂನ್-2025ರವರೆಗೆ 6,813 ಫಲಾನುಭವಿಗಳು ನೋಂದಣಿಯಾಗಿದ್ದು, ಜೂನ್ ಅಂತ್ಯದವರೆಗೆ ಒಟ್ಟು ಮೊತ್ತ ರೂ. 17.20 ಕೋಟಿಗಳನ್ನು ಪಾವತಿಸಲಾಗಿದೆ. ಸಭೆಯಲ್ಲಿ ಜಿಲ್ಲಾ ಮಟ್ಟದ ಗ್ಯಾರಂಟಿ ಯೋಜನೆಗಳ ಅನುಷ್ಠಾನ ಪ್ರಾಧಿಕಾರದ ಉಪಾಧ್ಯಕ್ಷರು, ಸದಸ್ಯರು, ಜಿಲ್ಲಾ ಪಂಚಾಯತ್ ಮುಖ್ಯ ಯೋಜನಾಧಿಕಾರಿಗಳು, ಇಲಾಖಾ ಅಧಿಕಾರಿಗಳು ಉಪಸ್ಥಿತರಿದ್ದರು.

ಕರ್ನಾಟಕ ಮಹರ್ಷಿ ವಾಲ್ಮೀಕಿ ಅಭಿವೃದ್ಧಿ ನಿಗಮ:
ಫಲಾನುಭವಿಗಳಿಂದ ಅರ್ಜಿ ಆಹ್ವಾನ

ಕೊಪ್ಪಳ : ಕರ್ನಾಟಕ ಮಹರ್ಷಿ ವಾಲ್ಮೀಕಿ ಪರಿಶಿಷ್ಟ ಪಂಗಡಗಳ ಅಭಿವೃದ್ಧಿ ನಿಗಮದಿಂದ 2025-26 ನೇ ಸಾಲಿಗೆ ನಿಗಮದಿಂದ ವಿವಿಧ ಯೋಜನೆಗಳಡಿ ಅರ್ಜಿ ಆಹ್ವಾನಿಸಲಾಗಿದೆ. ನಿಗಮದಿಂದ ಸ್ವಯಂ ಉದ್ಯೋಗ ಯೋಜನೆ (ನೇರಸಾಲ ಯೋಜನೆ): ಘಟಕ ವೆಚ್ಚ ರೂ.1,00,000/- ರೂ.50,000 ಸಹಾಯಧನ, ಸ್ವಯಂ ಉದ್ಯೋಗ ಯೋಜನೆ (ಬ್ಯಾಂಕ್ ಸಹಯೋಗ): ರೂ.1,25,000/- ಕಿರುಸಾಲ ಯೋಜನೆ, ಗಂಗಾಕಲ್ಯಾಣ ನೀರಾವರಿ ಯೋಜನೆ, ಭೂ ಒಡೆತನ ಯೋಜನೆ, ಉದ್ಯಮಶೀಲತಾ ಯೋಜನೆಗಳಿಗೆ ಅರ್ಜಿ ಸಲ್ಲಿಸಬಹುದು. ಅರ್ಜಿ ಸಲ್ಲಿಸಲು ಇಚ್ಛಿಸುವವರು ಅಗತ್ಯ ದಾಖಲೆಗಳೊಂದಿಗೆ ಸೇವಾ ಸಿಂಧು ಪೋರ್ಟಲ್ ಮೂಲಕ ಆನ್‌ಲೈನ್ ಅರ್ಜಿ ಸಲ್ಲಿಸಬೇಕು ಎಂದು ಜಿಲ್ಲಾ ವ್ಯವಸ್ಥಾಪಕರು ತಿಳಿಸಿದ್ದಾರೆ.

ಸಹಾಯಧನ ರೂ.50,000/- ಸಾಲ ರೂ.50,000 ಘಟಕ ವೆಚ್ಚ ರೂ.1,00,000/- ಹೈನುಗಾರಿಕೆ ಯೋಜನೆ (ಸಹಾಯಧನ ರೂ.1.25ಲಕ್ಷ), ಮಹಿಳಾ ಸ್ವಸಹಾಯ ಸಂಘಗಳಿಗೆ ಸಮುದಾಯ ಆಧಾರಿತ ಸ್ವಯಂ ಉದ್ಯೋಗ (ಸಹಾಯಧನ ರೂ.2 ಲಕ್ಷ), ಬ್ಯಾಂಕ್ ಸಹಯೋಗದೊಂದಿಗೆ (ಸಹಾಯಧನ ರೂ.4 ಲಕ್ಷ, ಬ್ಯಾಂಕ್ ಸಾಲ ರೂ.2,50,000/-) ಮೈಕ್ರೋ ಕ್ರೆಡಿಟ್ (ಸಹಾಯಧನ ರೂ.2,50,000/- ಸಾಲ ರೂ.2,50,000/-) ಒಟ್ಟು ಘಟಕ ವೆಚ್ಚ ರೂ.5,00,000/-. ಗಂಗಾಕಲ್ಯಾಣ ಯೋಜನೆ (1.20 ಎಕರೆಯಿಂದ 5 ಎಕರೆ ಜಮೀನು ಹೊಂದಿರಬೇಕು) ಅಂತರ್ಜಲ ಮಟ್ಟ ನೋಡಿ ಕೊಳವೆಬಾವಿ ಕೊರೆಸಲಾಗುವುದು. ಭೂ ಒಡೆತನ ಯೋಜನೆ (ಭೂರಹಿತ ಮಹಿಳಾ ಕೃಷಿ ಕಾರ್ಮಿಕರಿಗೆ ಜಮೀನು ಖರೀದಿಗೆ). ಅರ್ಹ ಫಲಾನುಭವಿಗಳು ಆನ್‌ಲೈನ್ ಮೂಲಕ ಅರ್ಜಿ ಸಲ್ಲಿಸಬೇಕು. ಅರ್ಜಿ ಸಲ್ಲಿಸಲು ಸೆಪ್ಟೆಂಬರ್ 15 ಕೊನೆಯ ದಿನವಾಗಿದೆ. ಹೆಚ್ಚಿನ ಮಾಹಿತಿಗಾಗಿ ಜಿಲ್ಲಾ ಕಚೇರಿ ಸಂಪರ್ಕಿಸಬಹುದು.

ಹೊಸಪೇಟೆ ಟೈಮ್ಸ್
ಕನ್ನಡ ದಿನಪತ್ರಿಕೆ ಆನ್‌ಲೈನ್‌ನಲ್ಲಿ ವಾಟ್ಸಪ್‌ನಲ್ಲಿ ಕುಳಿತು ಮೊಬೈಲ್‌ನಲ್ಲಿ "ಹೊಸಪೇಟೆ ಟೈಮ್ಸ್" ಪತ್ರಿಕೆ ಓದಲು, ಡಿಜಿಟಲ್ ಪತ್ರಿಕೆ ಓದಲು ಗೂಗಲ್ ಅಥವಾ ಕ್ಲಿಕ್ ಮಾಡಿ
https://hospettimes.com/ epaper
ಹೊಸಪೇಟೆ ಟೈಮ್ಸ್
ಕಚೇರಿ ವಿಳಾಸ
ಅಪೂರ್ವ ಆಫ್‌ಸೆಟ್ ಪ್ರಿಂಟರ್ಸ್
ಗುರು ಸದ್ದಿದಾನಂದ ಲೈನ್ ಮೇನ್‌ಬಜಾರ್, ಹೊಸಪೇಟೆ ವಿಜಯನಗರ ಜಿಲ್ಲೆ.
ಜಾಹೀರಾತುಗಳಿಗಾಗಿ
ಸಂಪರ್ಕಿಸಿ
ಹುಟ್ಟು ಹಬ್ಬದ ಶುಭಾಶಯಗಳು, ವಿದೇಶಿ ಪ್ರವಾಸ, ಶ್ರದ್ಧಾಂಜಲಿ, ವಧು-ವರರ ಅನ್ವೇಷಣ ಜಾಹೀರಾತುಗಳು, ಜ್ಯೋತಿಷ್ಯ, ಕ್ಲಾಸಿಫೈಡ್, ಮುಖ್ಯ ಪುಟ, ಅಭಿನಂದನೆಗಳು, ಹಬ್ಬದ ಶುಭಾಶಯ ಅನೇಕ ಭಾವನಾತ್ಮಕ ಶುಭಾಶಯಗಳು ಇತರೆ, ಬೇಕಾಗಿದ್ದಾರೆ, ಮಾರಾಟ, ಬಾಡಿಗೆ, ಲೀಸ್ ಇತ್ಯಾದಿಗಳಿಗೆ ಸಂಪರ್ಕಿಸಿ:
9448441484
'ನೀವು ಬರೆಯಿರಿ'
ಹೊಸಪೇಟೆ ಟೈಮ್ಸ್ ಕನ್ನಡ ದಿನಪತ್ರಿಕೆಗೆ ಲೇಖನಗಳು, ಸುದ್ದಿ ಚಿತ್ರಗಳು, ವ್ಯಕ್ತಿ ಪರಿಚಯ, ಪುಸ್ತಕ-ಸಿನಿಮಾ-ನಾಟಕ ವಿಮರ್ಶೆಗಳನ್ನು (150 ಪದ್ಯ ಮೀರದಂತೆ) ಸಂಪಾದಕರಿಗೆ ಪತ್ರ, ದೂರುಗಳು, ಕುಂದು ಕೊರತೆಗಳ ಬಗ್ಗೆ ಬರೆದು ಕಳಿಸಿಕೊಡಿ ವಾಟ್ಸ್ ಆಪ್ ನಂ
94484 41484
99802 81752
ಇ-ಮೇಲ್: hospettimes@gmail.com
ಹವಾಮಾನ
ಶನಿ	: ಗರಿಷ್ಠ : 40°,	ಕನಿಷ್ಠ : 29°
ಭಾನು	: ಗರಿಷ್ಠ : 41°,	ಕನಿಷ್ಠ : 29°
ಹೊಸಪೇಟೆ
ಶನಿ	: ಗರಿಷ್ಠ : 40°,	ಕನಿಷ್ಠ : 32°
ಭಾನು	: ಗರಿಷ್ಠ : 41°,	ಕನಿಷ್ಠ : 30°
ಕರ್ನಾಟಕ ಸರ್ಕಾರ
ಹಂಪಿ ವಿಶ್ವ ಪರಂಪರೆಯ ಪ್ರದೇಶ ನಿರ್ವಹಣಾ ಪ್ರಾಧಿಕಾರ
ಅಂಜನೇಯ ಕಟ್ಟಡ, ಕಮಲಾಪುರ, ಹೊಸಪೇಟೆ ತಾಲ್ಲೂಕು, ಕನ್ನಡ-583221
ಹೊಸಪೇಟೆ: 08394-241661
e-mail ID: hwhama@gmail.com
ಸಂಖ್ಯೆ:ಹವಿಪನಿಪ್ರಾ/ಗುತ್ತಿಗೆ/2025-26	ದಿನಾಂಕ:28-08-2025
ಅಲ್ಪಾವಧಿ ಇ-ಟೆಂಡರ್ ಪ್ರಕಟಣೆ
ಕರ್ನಾಟಕ ಸಾರ್ವಜನಿಕ ಸಂಗ್ರಹಣೆಗಳಲ್ಲಿ ಪಾರದರ್ಶಕತೆ ಅಧಿನಿಯಮ 1999 ಮತ್ತು ನಿಯಮಗಳು 2000 ರ ಅನ್ವಯ ಅರ್ಹ ಗುತ್ತಿಗೆದಾರರಿಂದ ಇ-ಟೆಂಡರ್ ಆಹ್ವಾನಿಸಲಾಗಿದೆ. ಹೆಚ್ಚಿನ ವಿವರಗಳಿಗೆ ವೆಬ್‌ಸೈಟ್ ನೋಡಿ:
https://kppp.karnataka.gov.in/#/portal/portal-home
Reference Number : HWHAMA/2025-26/OW/ WORK_INDENT2/ CALL-2
Supply, Fabrication, and Installation of Garbage Containers with Hydraulic System Using Existing Old Chassis available in HWHAMA.
ರೂ.3,50,000/- ಠೇವಣಿ ಮೊತ್ತ: 7,000.00/- Through E-Procurement
1.ಟೆಂಡರ್ ಪ್ರಕಟಣೆ ದಿನಾಂಕ: 26/08/2025 2.ಬಿಡ್ ಸಲ್ಲಿಸಲು ಕೊನೆಯ ದಿನಾಂಕ: 03/09/2025 3.ತಾಂತ್ರಿಕ ಬಿಡ್ ತೆರೆಯುವ ದಿನಾಂಕ: 04/09/2025
ಡಿ.ಐ.ಪಿ.ಆರ್/ವಿಜಯನಗರ/2025-26/ಕಿಆರ್‌ಎನ್/ಆರ್.ಓ/222
